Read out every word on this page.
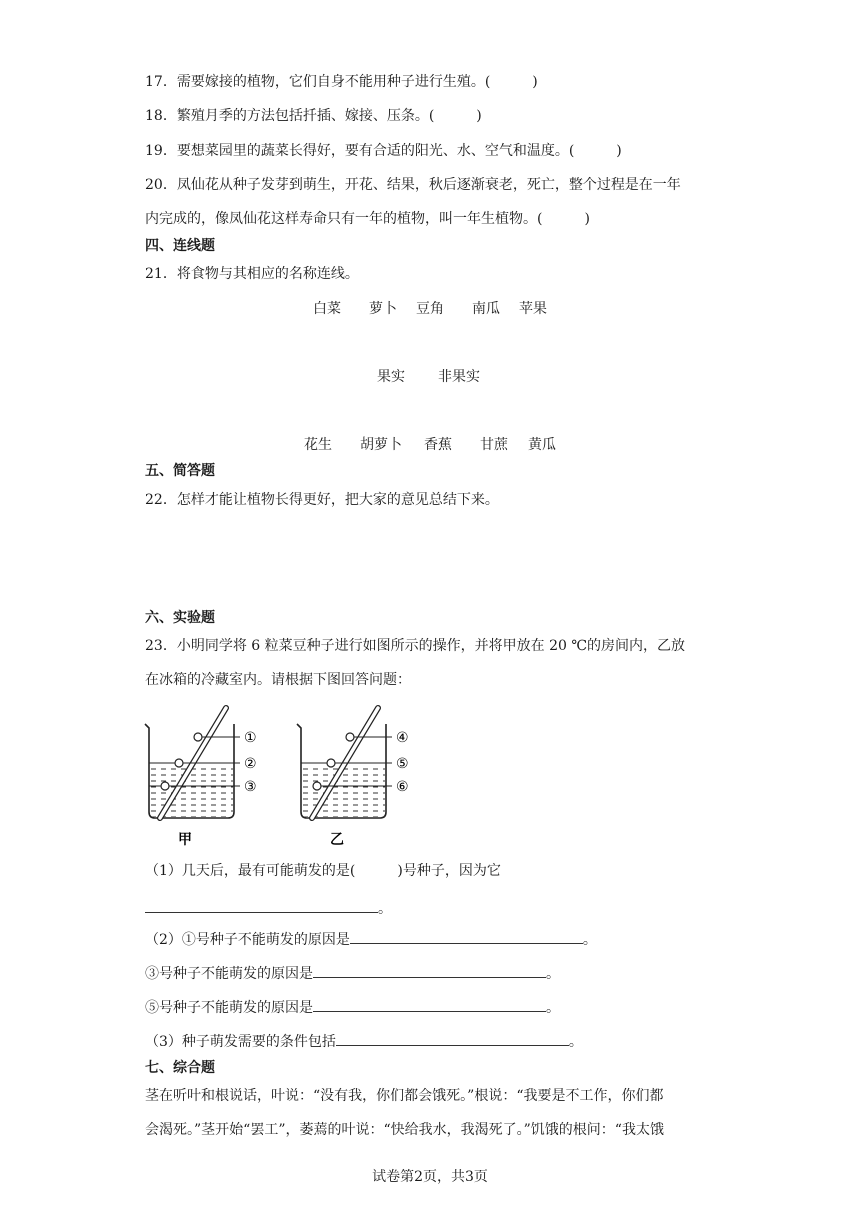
17．需要嫁接的植物，它们自身不能用种子进行生殖。(　　　)
18．繁殖月季的方法包括扦插、嫁接、压条。(　　　)
19．要想菜园里的蔬菜长得好，要有合适的阳光、水、空气和温度。(　　　)
20．凤仙花从种子发芽到萌生，开花、结果，秋后逐渐衰老，死亡，整个过程是在一年
内完成的，像凤仙花这样寿命只有一年的植物，叫一年生植物。(　　　)
四、连线题
21．将食物与其相应的名称连线。
白菜 萝卜 豆角 南瓜 苹果
果实 非果实
花生 胡萝卜 香蕉 甘蔗 黄瓜
五、简答题
22．怎样才能让植物长得更好，把大家的意见总结下来。
六、实验题
23．小明同学将 6 粒菜豆种子进行如图所示的操作，并将甲放在 20 ℃的房间内，乙放
在冰箱的冷藏室内。请根据下图回答问题：
①
②
③
甲
④
⑤
⑥
乙
（1）几天后，最有可能萌发的是(　　　)号种子，因为它
。
（2）①号种子不能萌发的原因是	。
③号种子不能萌发的原因是	。
⑤号种子不能萌发的原因是	。
（3）种子萌发需要的条件包括	。
七、综合题
茎在听叶和根说话，叶说：“没有我，你们都会饿死。”根说：“我要是不工作，你们都
会渴死。”茎开始“罢工”，萎蔫的叶说：“快给我水，我渴死了。”饥饿的根问：“我太饿
试卷第2页，共3页
